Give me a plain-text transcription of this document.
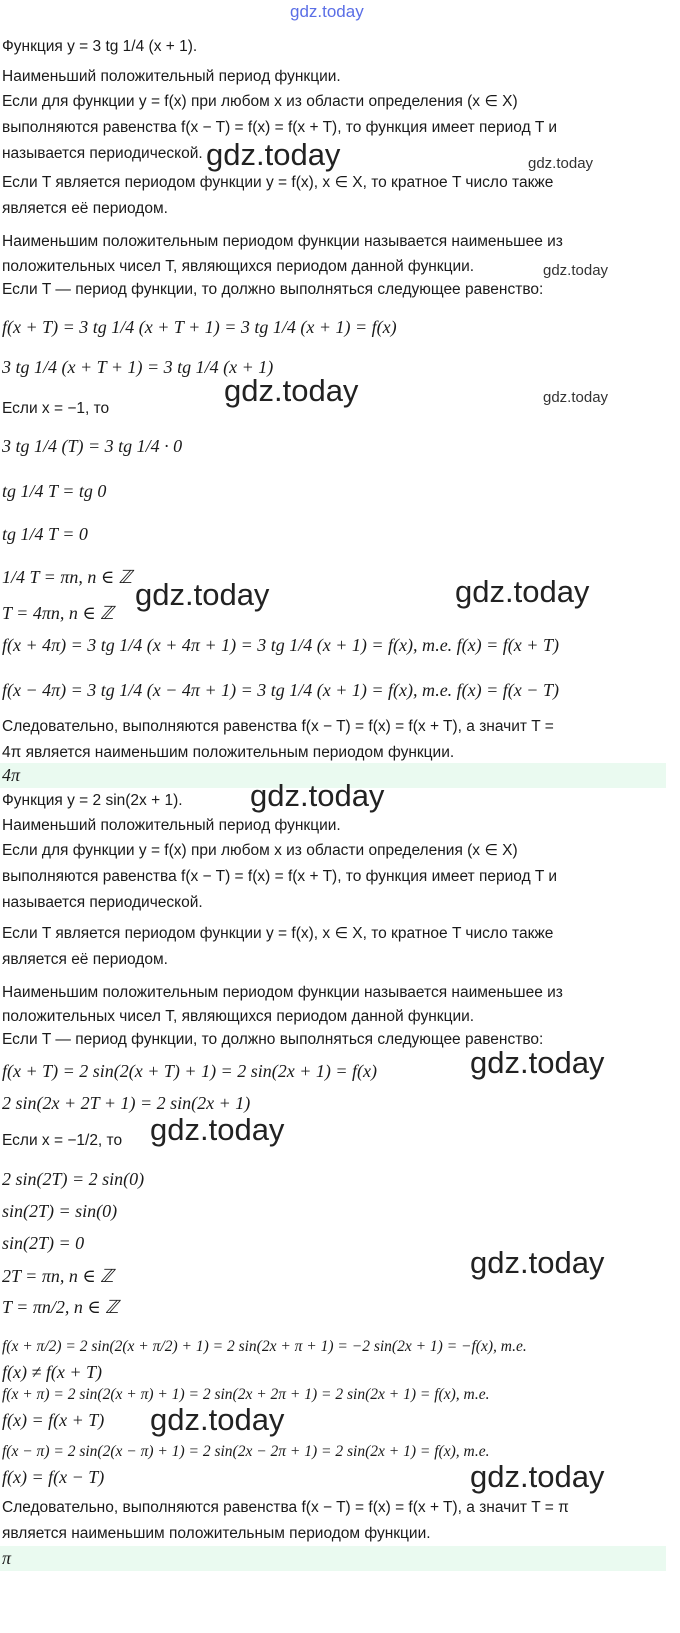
gdz.today
Функция y = 3 tg 1/4 (x + 1).
Наименьший положительный период функции.
Если для функции y = f(x) при любом x из области определения (x ∈ X)
выполняются равенства f(x − T) = f(x) = f(x + T), то функция имеет период T и
называется периодической.
Если T является периодом функции y = f(x), x ∈ X, то кратное T число также
является её периодом.
Наименьшим положительным периодом функции называется наименьшее из
положительных чисел T, являющихся периодом данной функции.
Если T — период функции, то должно выполняться следующее равенство:
f(x + T) = 3 tg 1/4 (x + T + 1) = 3 tg 1/4 (x + 1) = f(x)
3 tg 1/4 (x + T + 1) = 3 tg 1/4 (x + 1)
Если x = −1, то
3 tg 1/4 (T) = 3 tg 1/4 · 0
tg 1/4 T = tg 0
tg 1/4 T = 0
1/4 T = πn, n ∈ ℤ
T = 4πn, n ∈ ℤ
f(x + 4π) = 3 tg 1/4 (x + 4π + 1) = 3 tg 1/4 (x + 1) = f(x), т.е. f(x) = f(x + T)
f(x − 4π) = 3 tg 1/4 (x − 4π + 1) = 3 tg 1/4 (x + 1) = f(x), т.е. f(x) = f(x − T)
Следовательно, выполняются равенства f(x − T) = f(x) = f(x + T), а значит T =
4π является наименьшим положительным периодом функции.
4π
Функция y = 2 sin(2x + 1).
Наименьший положительный период функции.
Если для функции y = f(x) при любом x из области определения (x ∈ X)
выполняются равенства f(x − T) = f(x) = f(x + T), то функция имеет период T и
называется периодической.
Если T является периодом функции y = f(x), x ∈ X, то кратное T число также
является её периодом.
Наименьшим положительным периодом функции называется наименьшее из
положительных чисел T, являющихся периодом данной функции.
Если T — период функции, то должно выполняться следующее равенство:
f(x + T) = 2 sin(2(x + T) + 1) = 2 sin(2x + 1) = f(x)
2 sin(2x + 2T + 1) = 2 sin(2x + 1)
Если x = −1/2, то
2 sin(2T) = 2 sin(0)
sin(2T) = sin(0)
sin(2T) = 0
2T = πn, n ∈ ℤ
T = πn/2, n ∈ ℤ
f(x + π/2) = 2 sin(2(x + π/2) + 1) = 2 sin(2x + π + 1) = −2 sin(2x + 1) = −f(x), т.е.
f(x) ≠ f(x + T)
f(x + π) = 2 sin(2(x + π) + 1) = 2 sin(2x + 2π + 1) = 2 sin(2x + 1) = f(x), т.е.
f(x) = f(x + T)
f(x − π) = 2 sin(2(x − π) + 1) = 2 sin(2x − 2π + 1) = 2 sin(2x + 1) = f(x), т.е.
f(x) = f(x − T)
Следовательно, выполняются равенства f(x − T) = f(x) = f(x + T), а значит T = π
является наименьшим положительным периодом функции.
π
gdz.today	gdz.today
gdz.today
gdz.today	gdz.today
gdz.today	gdz.today
gdz.today
gdz.today
gdz.today
gdz.today
gdz.today
gdz.today
